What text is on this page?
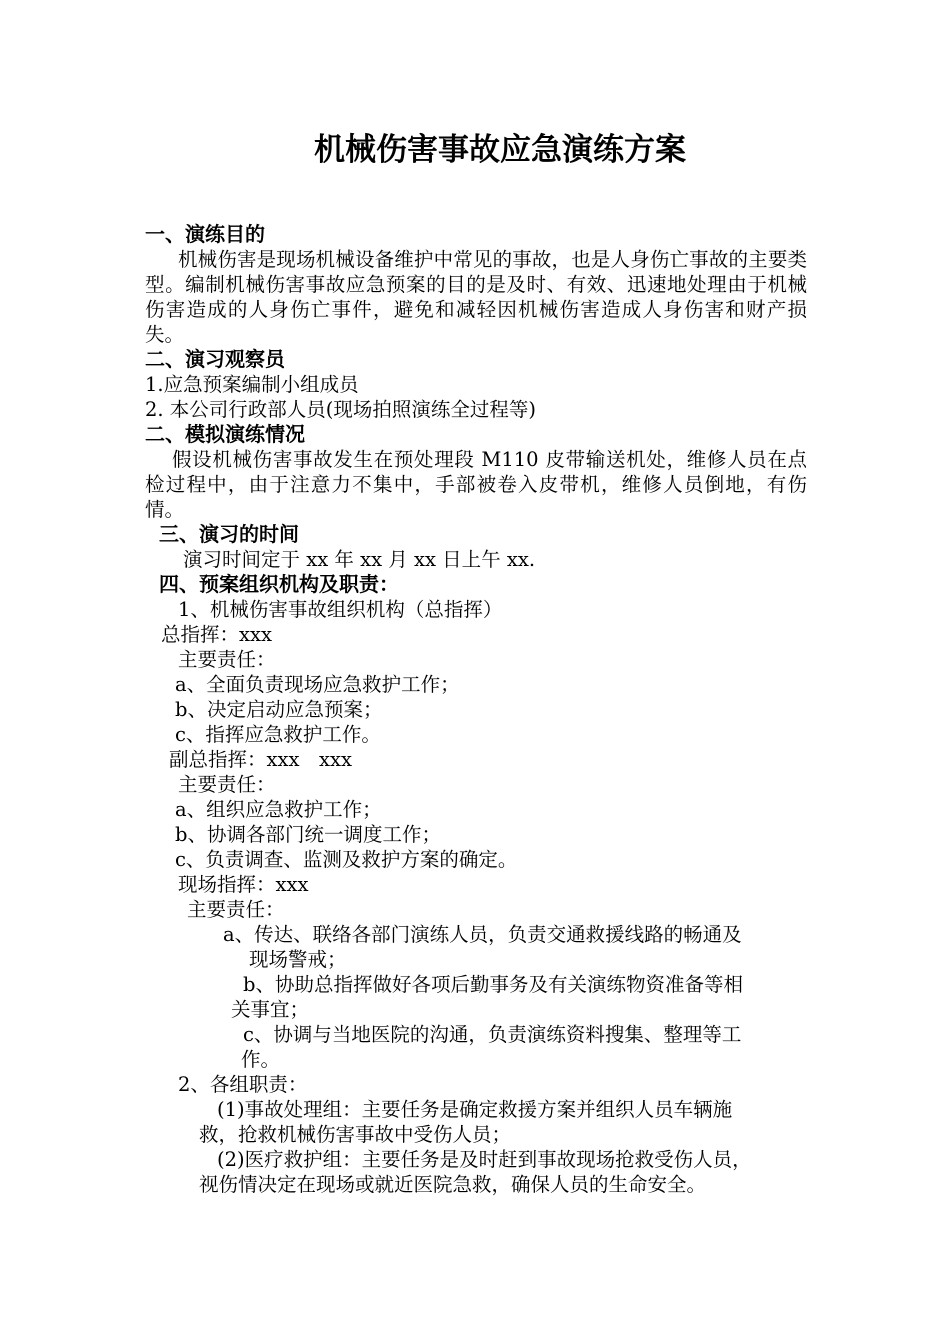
机械伤害事故应急演练方案
一、演练目的
机械伤害是现场机械设备维护中常见的事故，也是人身伤亡事故的主要类型。编制机械伤害事故应急预案的目的是及时、有效、迅速地处理由于机械伤害造成的人身伤亡事件，避免和减轻因机械伤害造成人身伤害和财产损失。
二、演习观察员
1.应急预案编制小组成员
2. 本公司行政部人员(现场拍照演练全过程等)
二、模拟演练情况
假设机械伤害事故发生在预处理段 M110 皮带输送机处，维修人员在点检过程中，由于注意力不集中，手部被卷入皮带机，维修人员倒地，有伤情。
三、演习的时间
演习时间定于 xx 年 xx 月 xx 日上午 xx.
四、预案组织机构及职责：
1、机械伤害事故组织机构（总指挥）
总指挥：xxx
主要责任：
a、全面负责现场应急救护工作；
b、决定启动应急预案；
c、指挥应急救护工作。
副总指挥：xxx　xxx
主要责任：
a、组织应急救护工作；
b、协调各部门统一调度工作；
c、负责调查、监测及救护方案的确定。
现场指挥：xxx
主要责任：
a、传达、联络各部门演练人员，负责交通救援线路的畅通及
现场警戒；
b、协助总指挥做好各项后勤事务及有关演练物资准备等相
关事宜；
c、协调与当地医院的沟通，负责演练资料搜集、整理等工
作。
2、各组职责：
(1)事故处理组：主要任务是确定救援方案并组织人员车辆施
救，抢救机械伤害事故中受伤人员；
(2)医疗救护组：主要任务是及时赶到事故现场抢救受伤人员，
视伤情决定在现场或就近医院急救，确保人员的生命安全。
